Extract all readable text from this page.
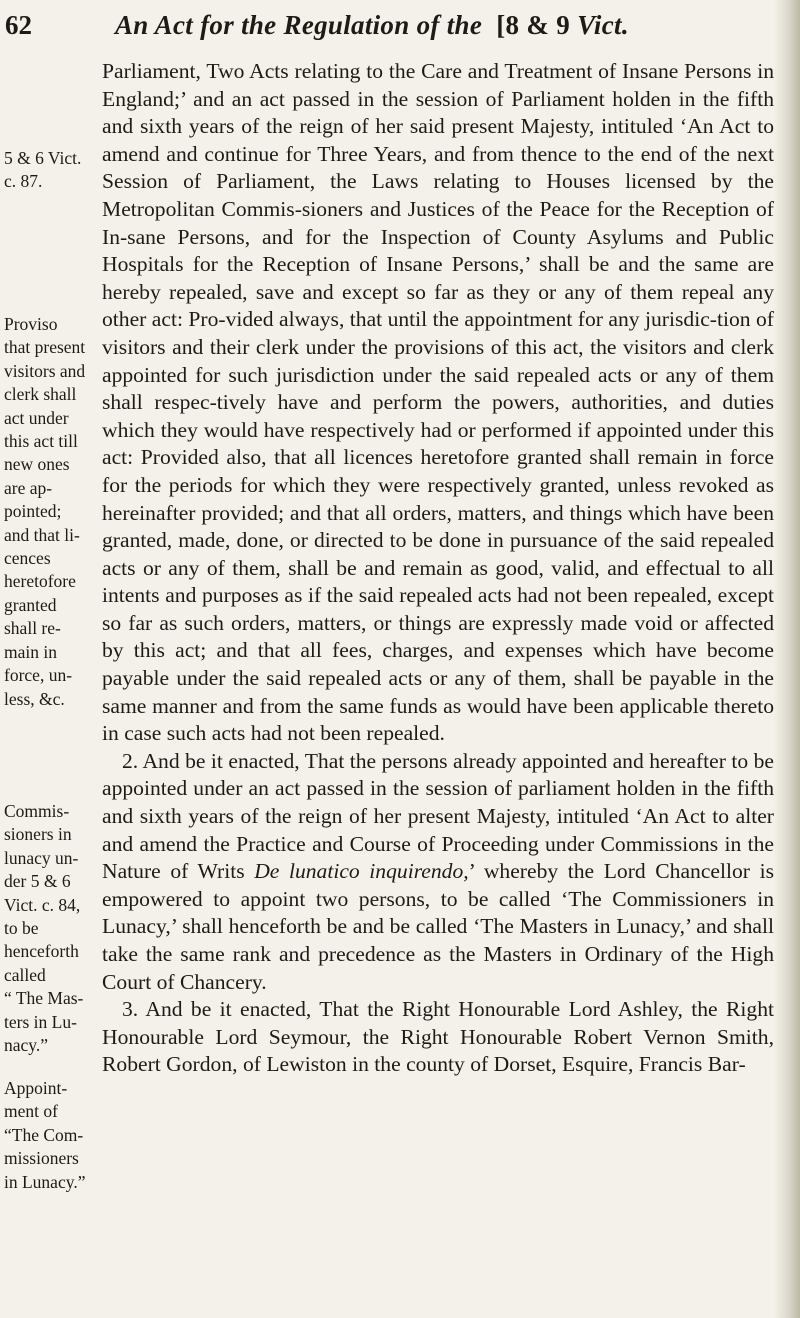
62	An Act for the Regulation of the [8 & 9 Vict.
5 & 6 Vict.
c. 87.
Proviso
that present
visitors and
clerk shall
act under
this act till
new ones
are ap-
pointed;
and that li-
cences
heretofore
granted
shall re-
main in
force, un-
less, &c.
Commis-
sioners in
lunacy un-
der 5 & 6
Vict. c. 84,
to be
henceforth
called
“ The Mas-
ters in Lu-
nacy.”
Appoint-
ment of
“The Com-
missioners
in Lunacy.”

Parliament, Two Acts relating to the Care and Treatment of Insane Persons in England;’ and an act passed in the session of Parliament holden in the fifth and sixth years of the reign of her said present Majesty, intituled ‘An Act to amend and continue for Three Years, and from thence to the end of the next Session of Parliament, the Laws relating to Houses licensed by the Metropolitan Commis-sioners and Justices of the Peace for the Reception of In-sane Persons, and for the Inspection of County Asylums and Public Hospitals for the Reception of Insane Persons,’ shall be and the same are hereby repealed, save and except so far as they or any of them repeal any other act: Pro-vided always, that until the appointment for any jurisdic-tion of visitors and their clerk under the provisions of this act, the visitors and clerk appointed for such jurisdiction under the said repealed acts or any of them shall respec-tively have and perform the powers, authorities, and duties which they would have respectively had or performed if appointed under this act: Provided also, that all licences heretofore granted shall remain in force for the periods for which they were respectively granted, unless revoked as hereinafter provided; and that all orders, matters, and things which have been granted, made, done, or directed to be done in pursuance of the said repealed acts or any of them, shall be and remain as good, valid, and effectual to all intents and purposes as if the said repealed acts had not been repealed, except so far as such orders, matters, or things are expressly made void or affected by this act; and that all fees, charges, and expenses which have become payable under the said repealed acts or any of them, shall be payable in the same manner and from the same funds as would have been applicable thereto in case such acts had not been repealed.

2. And be it enacted, That the persons already appointed and hereafter to be appointed under an act passed in the session of parliament holden in the fifth and sixth years of the reign of her present Majesty, intituled ‘An Act to alter and amend the Practice and Course of Proceeding under Commissions in the Nature of Writs De lunatico inquirendo,’ whereby the Lord Chancellor is empowered to appoint two persons, to be called ‘The Commissioners in Lunacy,’ shall henceforth be and be called ‘The Masters in Lunacy,’ and shall take the same rank and precedence as the Masters in Ordinary of the High Court of Chancery.

3. And be it enacted, That the Right Honourable Lord Ashley, the Right Honourable Lord Seymour, the Right Honourable Robert Vernon Smith, Robert Gordon, of Lewiston in the county of Dorset, Esquire, Francis Bar-
